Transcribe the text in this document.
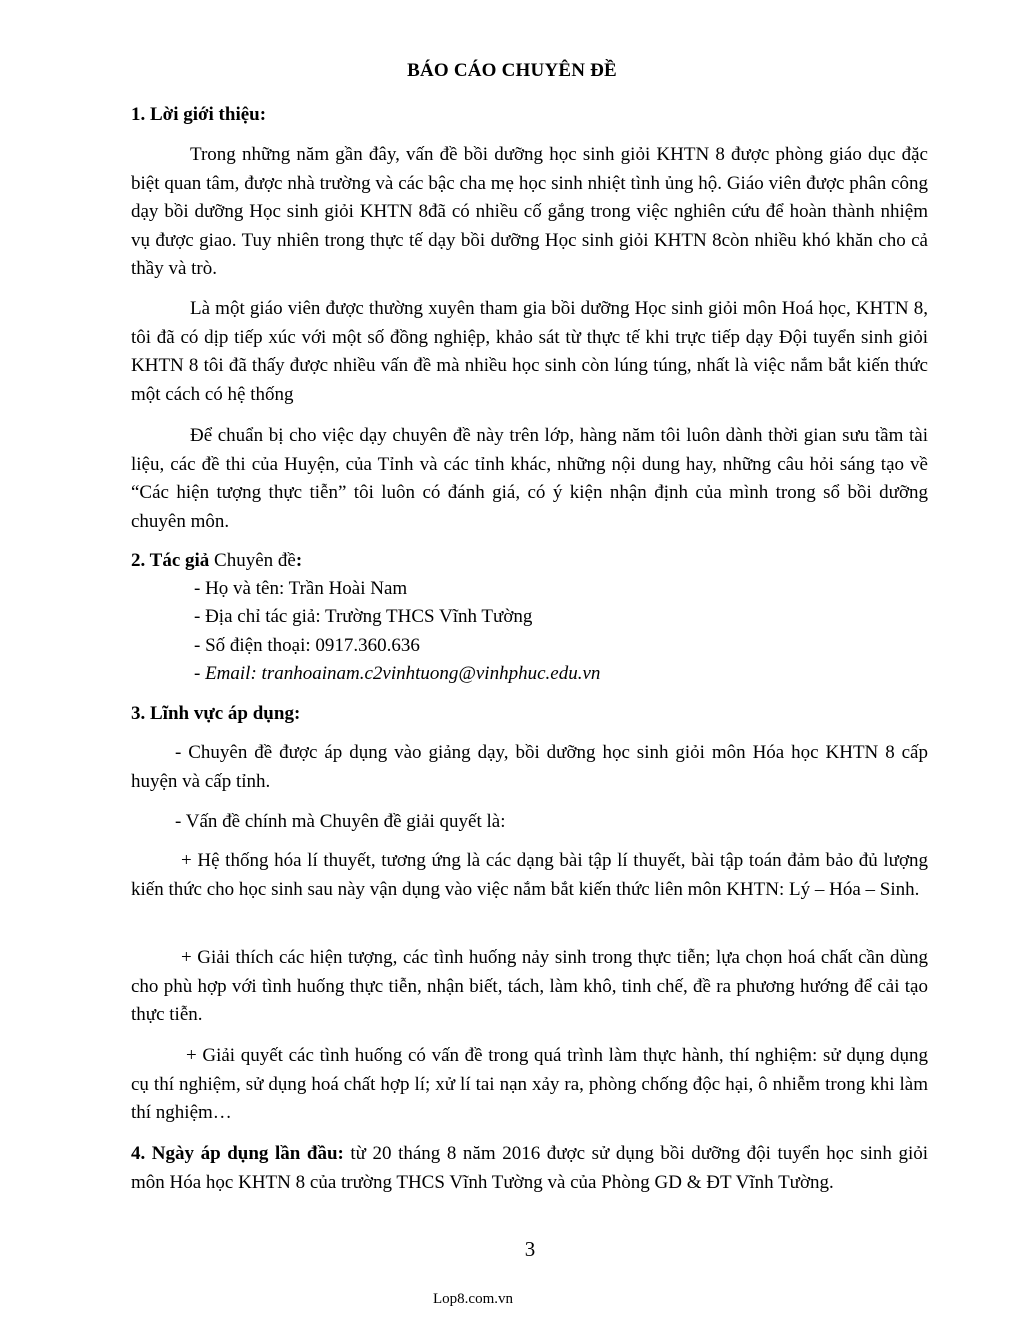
BÁO CÁO CHUYÊN ĐỀ
1. Lời giới thiệu:
Trong những năm gần đây, vấn đề bồi dưỡng học sinh giỏi KHTN 8 được phòng giáo dục đặc biệt quan tâm, được nhà trường và các bậc cha mẹ học sinh nhiệt tình ủng hộ. Giáo viên được phân công dạy bồi dưỡng Học sinh giỏi KHTN 8đã có nhiều cố gắng trong việc nghiên cứu để hoàn thành nhiệm vụ được giao. Tuy nhiên trong thực tế dạy bồi dưỡng Học sinh giỏi KHTN 8còn nhiều khó khăn cho cả thầy và trò.
Là một giáo viên được thường xuyên tham gia bồi dưỡng Học sinh giỏi môn Hoá học, KHTN 8, tôi đã có dịp tiếp xúc với một số đồng nghiệp, khảo sát từ thực tế khi trực tiếp dạy Đội tuyển sinh giỏi KHTN 8 tôi đã thấy được nhiều vấn đề mà nhiều học sinh còn lúng túng, nhất là việc nắm bắt kiến thức một cách có hệ thống
Để chuẩn bị cho việc dạy chuyên đề này trên lớp, hàng năm tôi luôn dành thời gian sưu tầm tài liệu, các đề thi của Huyện, của Tỉnh và các tỉnh khác, những nội dung hay, những câu hỏi sáng tạo về “Các hiện tượng thực tiễn” tôi luôn có đánh giá, có ý kiện nhận định của mình trong sổ bồi dưỡng chuyên môn.
2. Tác giả Chuyên đề:
- Họ và tên: Trần Hoài Nam
- Địa chỉ tác giả: Trường THCS Vĩnh Tường
- Số điện thoại: 0917.360.636
- Email: tranhoainam.c2vinhtuong@vinhphuc.edu.vn
3. Lĩnh vực áp dụng:
- Chuyên đề được áp dụng vào giảng dạy, bồi dưỡng học sinh giỏi môn Hóa học KHTN 8 cấp huyện và cấp tỉnh.
- Vấn đề chính mà Chuyên đề giải quyết là:
+ Hệ thống hóa lí thuyết, tương ứng là các dạng bài tập lí thuyết, bài tập toán đảm bảo đủ lượng kiến thức cho học sinh sau này vận dụng vào việc nắm bắt kiến thức liên môn KHTN: Lý – Hóa – Sinh.
+ Giải thích các hiện tượng, các tình huống nảy sinh trong thực tiễn; lựa chọn hoá chất cần dùng cho phù hợp với tình huống thực tiễn, nhận biết, tách, làm khô, tinh chế, đề ra phương hướng để cải tạo thực tiễn.
+ Giải quyết các tình huống có vấn đề trong quá trình làm thực hành, thí nghiệm: sử dụng dụng cụ thí nghiệm, sử dụng hoá chất hợp lí; xử lí tai nạn xảy ra, phòng chống độc hại, ô nhiễm trong khi làm thí nghiệm…
4. Ngày áp dụng lần đầu: từ 20 tháng 8 năm 2016 được sử dụng bồi dưỡng đội tuyển học sinh giỏi môn Hóa học KHTN 8 của trường THCS Vĩnh Tường và của Phòng GD & ĐT Vĩnh Tường.
3
Lop8.com.vn
